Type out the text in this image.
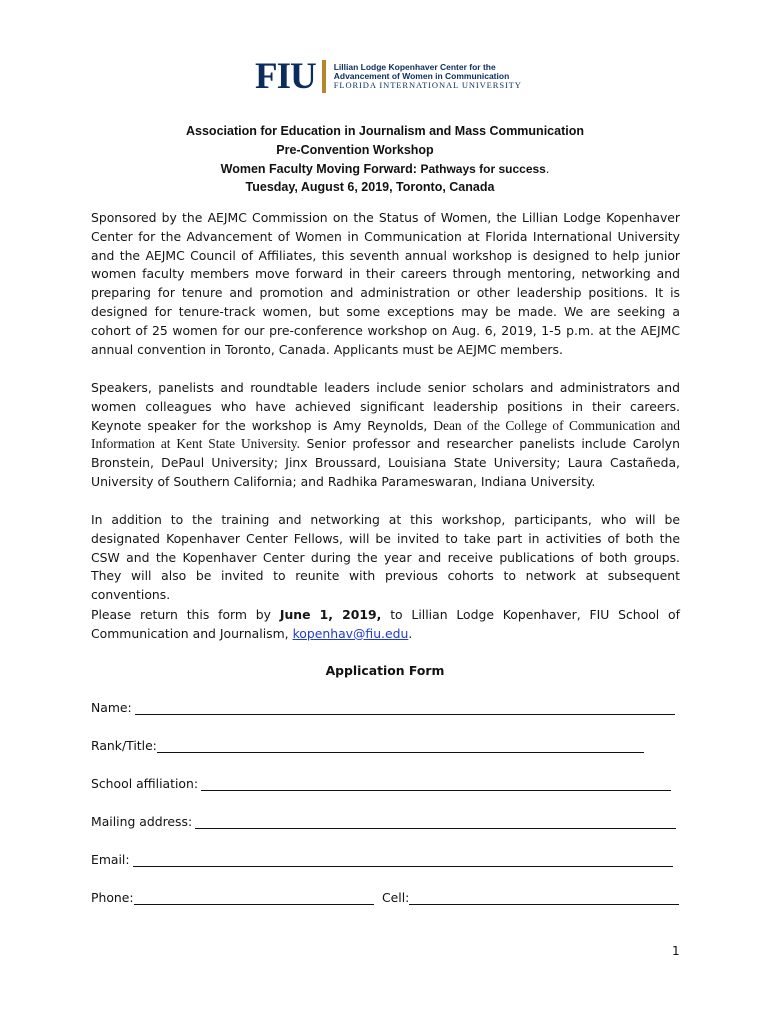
FIU Lillian Lodge Kopenhaver Center for the
Advancement of Women in Communication
FLORIDA INTERNATIONAL UNIVERSITY
Association for Education in Journalism and Mass Communication
Pre-Convention Workshop
Women Faculty Moving Forward: Pathways for success.
Tuesday, August 6, 2019, Toronto, Canada
Sponsored by the AEJMC Commission on the Status of Women, the Lillian Lodge Kopenhaver Center for the Advancement of Women in Communication at Florida International University and the AEJMC Council of Affiliates, this seventh annual workshop is designed to help junior women faculty members move forward in their careers through mentoring, networking and preparing for tenure and promotion and administration or other leadership positions. It is designed for tenure-track women, but some exceptions may be made. We are seeking a cohort of 25 women for our pre-conference workshop on Aug. 6, 2019, 1-5 p.m. at the AEJMC annual convention in Toronto, Canada. Applicants must be AEJMC members.
Speakers, panelists and roundtable leaders include senior scholars and administrators and women colleagues who have achieved significant leadership positions in their careers. Keynote speaker for the workshop is Amy Reynolds, Dean of the College of Communication and Information at Kent State University. Senior professor and researcher panelists include Carolyn Bronstein, DePaul University; Jinx Broussard, Louisiana State University; Laura Castañeda, University of Southern California; and Radhika Parameswaran, Indiana University.
In addition to the training and networking at this workshop, participants, who will be designated Kopenhaver Center Fellows, will be invited to take part in activities of both the CSW and the Kopenhaver Center during the year and receive publications of both groups. They will also be invited to reunite with previous cohorts to network at subsequent conventions.
Please return this form by June 1, 2019, to Lillian Lodge Kopenhaver, FIU School of Communication and Journalism, kopenhav@fiu.edu.
Application Form
Name:
Rank/Title:
School affiliation:
Mailing address:
Email:
Phone:	Cell:
1
